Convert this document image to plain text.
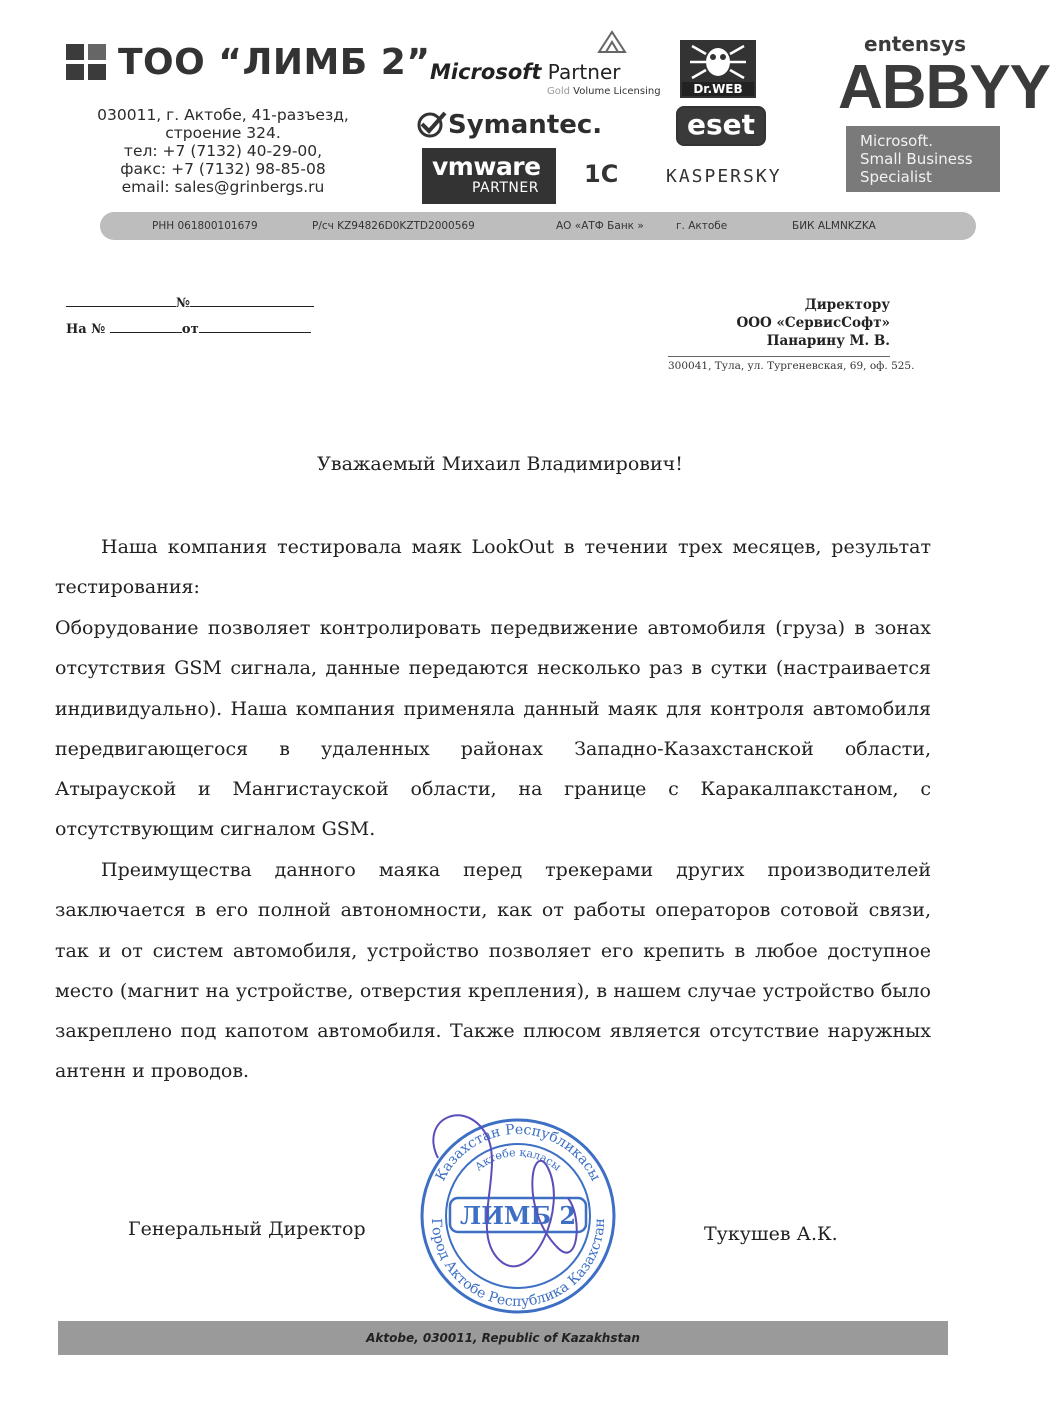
ТОО “ЛИМБ 2”
030011, г. Актобе, 41-разъезд,
строение 324.
тел: +7 (7132) 40-29-00,
факс: +7 (7132) 98-85-08
email: sales@grinbergs.ru
Microsoft Partner
Gold Volume Licensing
Symantec.
vmware
PARTNER 1С
Dr.WEB
eset
KASPERSKY
entensys
ABBYY
Microsoft.
Small Business
Specialist
РНН 061800101679	Р/сч KZ94826D0KZTD2000569	АО «АТФ Банк »	г. Актобе	БИК ALMNKZKA
№
На №	от
Директору
ООО «СервисСофт»
Панарину М. В.
300041, Тула, ул. Тургеневская, 69, оф. 525.
Уважаемый Михаил Владимирович!
Наша компания тестировала маяк LookOut в течении трех месяцев, результат тестирования:
Оборудование позволяет контролировать передвижение автомобиля (груза) в зонах отсутствия GSM сигнала, данные передаются несколько раз в сутки (настраивается индивидуально). Наша компания применяла данный маяк для контроля автомобиля передвигающегося в удаленных районах Западно-Казахстанской области, Атырауской и Мангистауской области, на границе с Каракалпакстаном, с отсутствующим сигналом GSM.
Преимущества данного маяка перед трекерами других производителей заключается в его полной автономности, как от работы операторов сотовой связи, так и от систем автомобиля, устройство позволяет его крепить в любое доступное место (магнит на устройстве, отверстия крепления), в нашем случае устройство было закреплено под капотом автомобиля. Также плюсом является отсутствие наружных антенн и проводов.
Генеральный Директор
Казахстан Республикасы
Город Актобе Республика Казахстан
Ақтөбе қаласы
ЛИМБ 2
Тукушев А.К.
Aktobe, 030011, Republic of Kazakhstan
